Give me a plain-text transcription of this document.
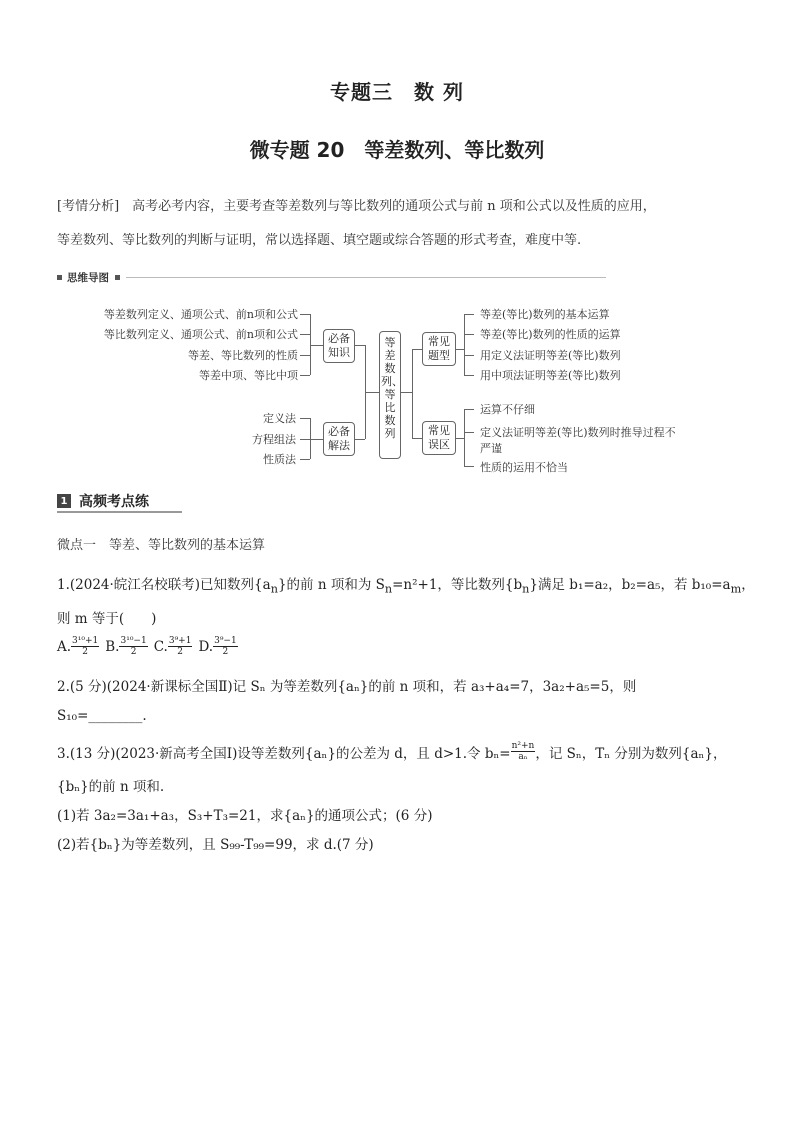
专题三　数 列
微专题 20　等差数列、等比数列
[考情分析]　高考必考内容，主要考查等差数列与等比数列的通项公式与前 n 项和公式以及性质的应用，
等差数列、等比数列的判断与证明，常以选择题、填空题或综合答题的形式考查，难度中等.
思维导图
等差数列定义、通项公式、前n项和公式
等比数列定义、通项公式、前n项和公式
等差、等比数列的性质
等差中项、等比中项
定义法
方程组法
性质法
必备知识
必备解法
等差数列、等比数列
常见题型
常见误区
等差(等比)数列的基本运算
等差(等比)数列的性质的运算
用定义法证明等差(等比)数列
用中项法证明等差(等比)数列
运算不仔细
定义法证明等差(等比)数列时推导过程不
严谨
性质的运用不恰当
1 高频考点练
微点一　等差、等比数列的基本运算
1.(2024·皖江名校联考)已知数列$\{a_n\}$的前 n 项和为 $S_n=n^2+1$，等比数列$\{b_n\}$满足 b₁=a₂，b₂=a₅，若 $b_{10}=a_m$，
则 m 等于(　　)
A. $\frac{\text{3¹⁰+1}}{2} B$. $\frac{\text{3¹⁰−1}}{2} C$. $\frac{\text{3⁹+1}}{2} D$. $\frac{\text{3⁹−1}}{2}$
2.(5 分)(2024·新课标全国Ⅱ)记 Sₙ 为等差数列{aₙ}的前 n 项和，若 a₃+a₄=7，3a₂+a₅=5，则
S₁₀=________.
3.(13 分)(2023·新高考全国Ⅰ)设等差数列{aₙ}的公差为 d，且 d>1.令 $b_n= \frac{\text{n²+n}}{\text{aₙ}}$ ，记 Sₙ，Tₙ 分别为数列{aₙ}，
{bₙ}的前 n 项和.
(1)若 3a₂=3a₁+a₃，S₃+T₃=21，求{aₙ}的通项公式；(6 分)
(2)若{bₙ}为等差数列，且 S₉₉-T₉₉=99，求 d.(7 分)
